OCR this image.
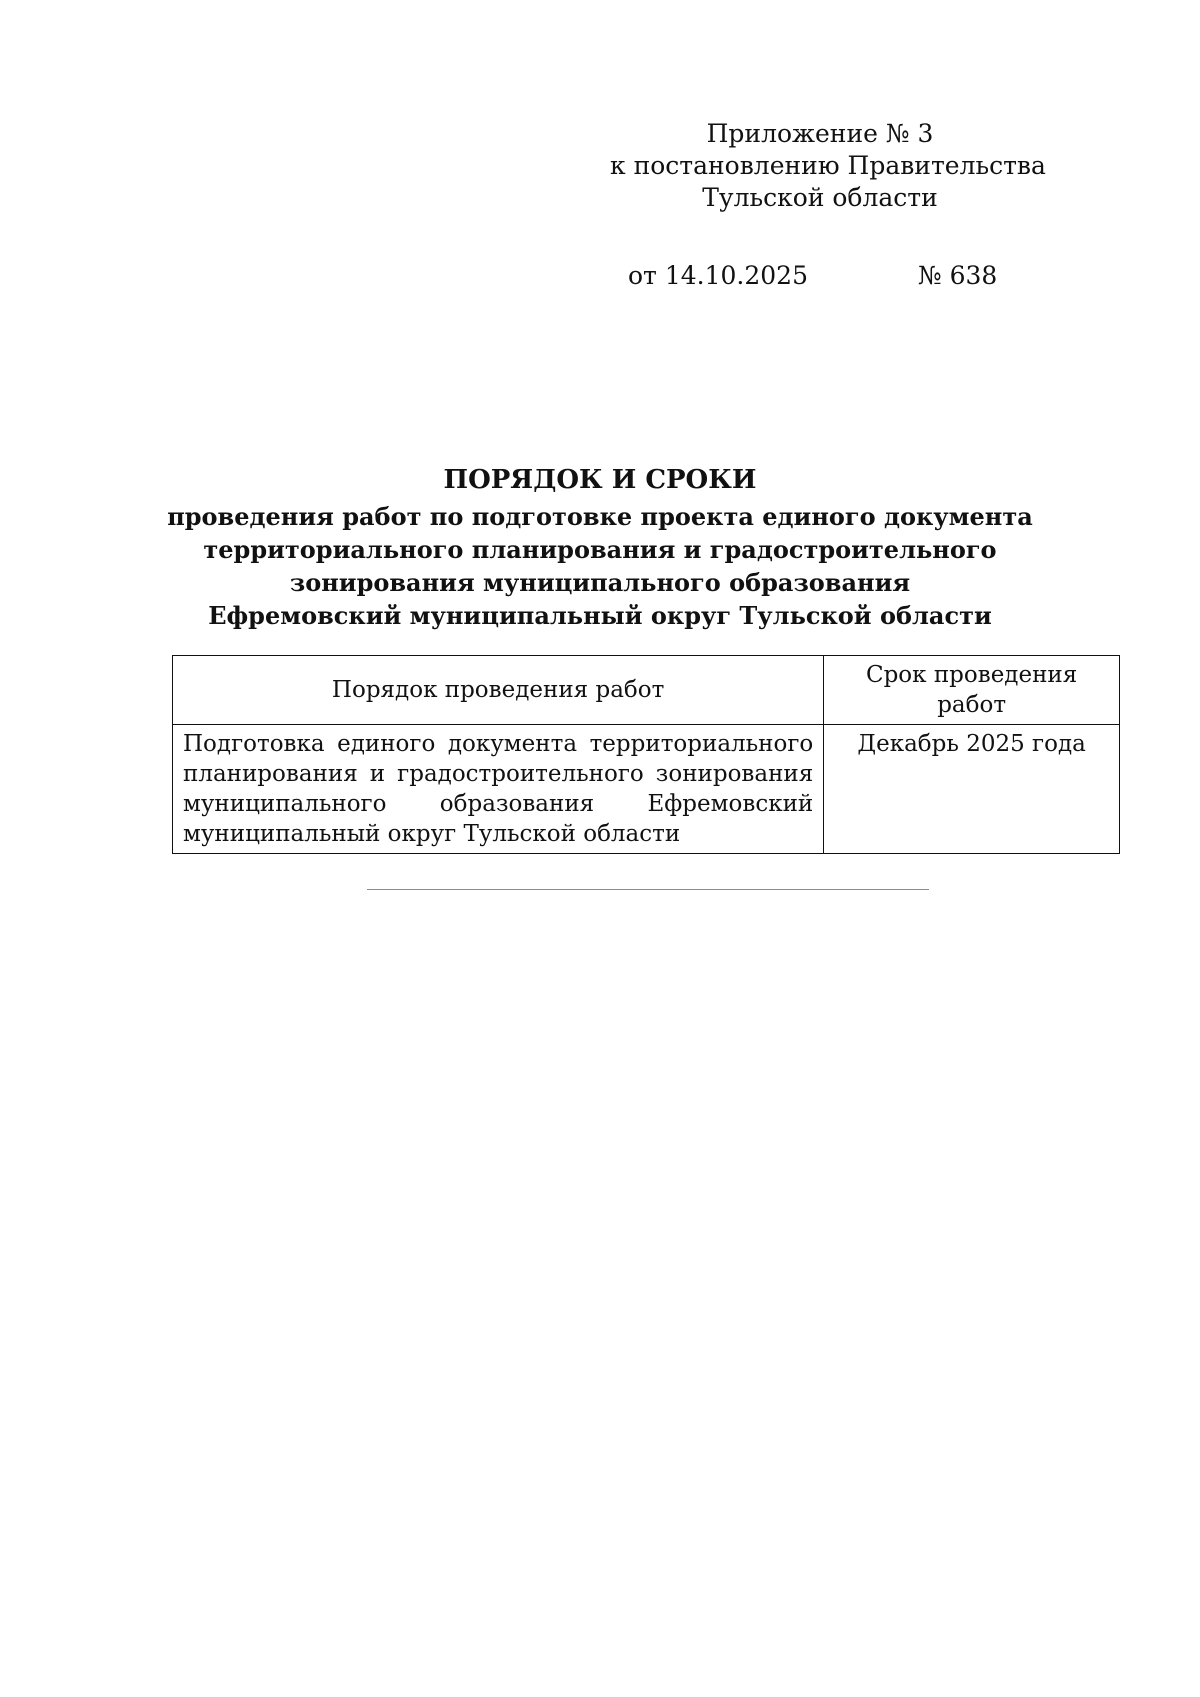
Приложение № 3
к постановлению Правительства
Тульской области
от 14.10.2025	№ 638
ПОРЯДОК И СРОКИ
проведения работ по подготовке проекта единого документа
территориального планирования и градостроительного
зонирования муниципального образования
Ефремовский муниципальный округ Тульской области
Порядок проведения работ	Срок проведения работ
Подготовка единого документа территориального планирования и градостроительного зонирования муниципального образования Ефремовский муниципальный округ Тульской области	Декабрь 2025 года
